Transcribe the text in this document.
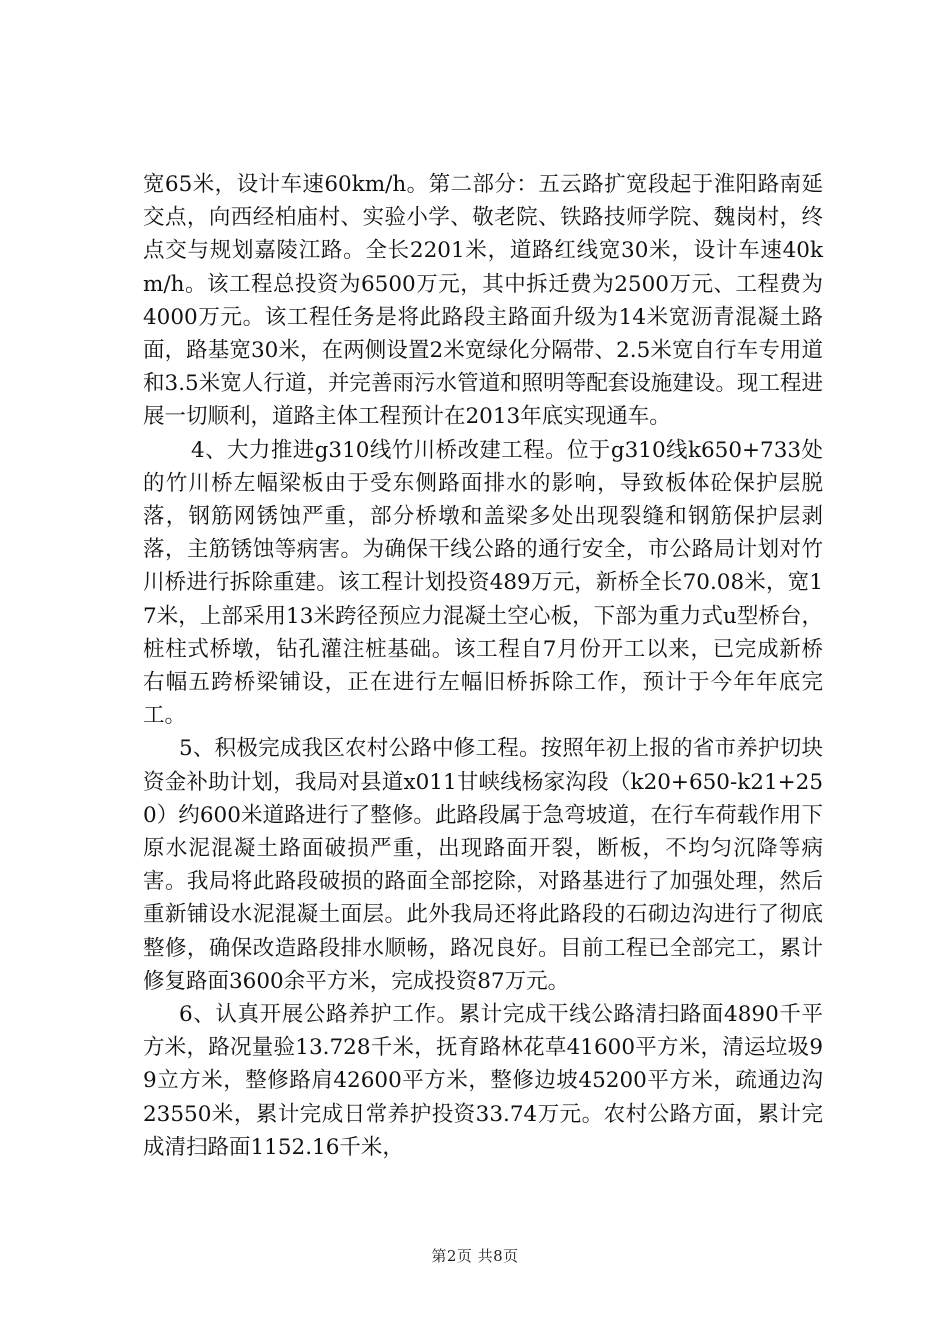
宽65米，设计车速60km/h。第二部分：五云路扩宽段起于淮阳路南延交点，向西经柏庙村、实验小学、敬老院、铁路技师学院、魏岗村，终点交与规划嘉陵江路。全长2201米，道路红线宽30米，设计车速40km/h。该工程总投资为6500万元，其中拆迁费为2500万元、工程费为4000万元。该工程任务是将此路段主路面升级为14米宽沥青混凝土路面，路基宽30米，在两侧设置2米宽绿化分隔带、2.5米宽自行车专用道和3.5米宽人行道，并完善雨污水管道和照明等配套设施建设。现工程进展一切顺利，道路主体工程预计在2013年底实现通车。

4、大力推进g310线竹川桥改建工程。位于g310线k650+733处的竹川桥左幅梁板由于受东侧路面排水的影响，导致板体砼保护层脱落，钢筋网锈蚀严重，部分桥墩和盖梁多处出现裂缝和钢筋保护层剥落，主筋锈蚀等病害。为确保干线公路的通行安全，市公路局计划对竹川桥进行拆除重建。该工程计划投资489万元，新桥全长70.08米，宽17米，上部采用13米跨径预应力混凝土空心板，下部为重力式u型桥台，桩柱式桥墩，钻孔灌注桩基础。该工程自7月份开工以来，已完成新桥右幅五跨桥梁铺设，正在进行左幅旧桥拆除工作，预计于今年年底完工。

5、积极完成我区农村公路中修工程。按照年初上报的省市养护切块资金补助计划，我局对县道x011甘峡线杨家沟段（k20+650-k21+250）约600米道路进行了整修。此路段属于急弯坡道，在行车荷载作用下原水泥混凝土路面破损严重，出现路面开裂，断板，不均匀沉降等病害。我局将此路段破损的路面全部挖除，对路基进行了加强处理，然后重新铺设水泥混凝土面层。此外我局还将此路段的石砌边沟进行了彻底整修，确保改造路段排水顺畅，路况良好。目前工程已全部完工，累计修复路面3600余平方米，完成投资87万元。

6、认真开展公路养护工作。累计完成干线公路清扫路面4890千平方米，路况量验13.728千米，抚育路林花草41600平方米，清运垃圾99立方米，整修路肩42600平方米，整修边坡45200平方米，疏通边沟23550米，累计完成日常养护投资33.74万元。农村公路方面，累计完成清扫路面1152.16千米，

第2页 共8页
